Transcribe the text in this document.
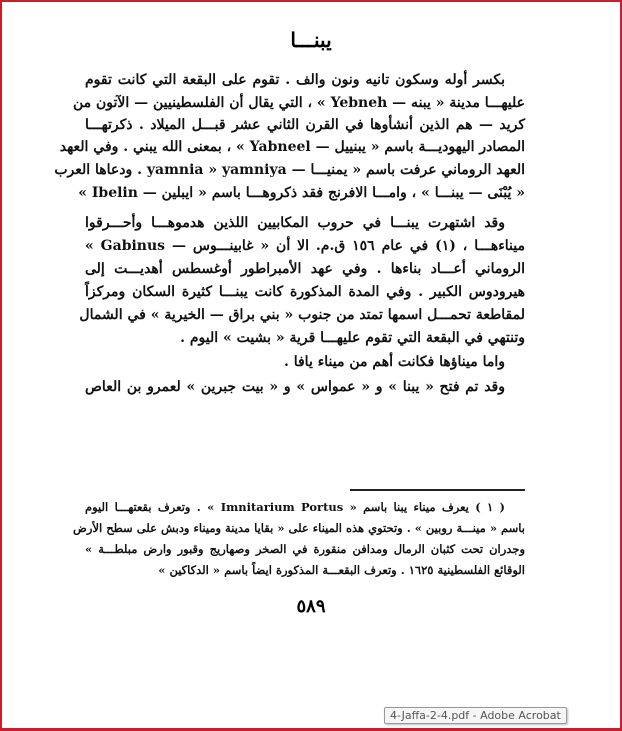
يبنـــا
بكسر أوله وسكون تانيه ونون والف . تقوم على البقعة التي كانت تقوم
عليهـــا مدينة « يبنه — Yebneh » ، التي يقال أن الفلسطينيين — الآتون من
كريد — هم الذين أنشأوها في القرن الثاني عشر قبـــل الميلاد . ذكرتهـــا
المصادر اليهوديـــة باسم « يبنييل — Yabneel » ، بمعنى الله يبني . وفي العهد
العهد الروماني عرفت باسم « يمنيـــا — yamnia » yamniya . ودعاها العرب
« يُبْنَى — يبنـــا » ، وامـــا الافرنج فقد ذكروهـــا باسم « ايبلين — Ibelin »
وقد اشتهرت يبنـــا في حروب المكابيين اللذين هدموهـــا وأحـــرقوا
ميناءهـــا ، (١) في عام ١٥٦ ق.م. الا أن « غابينـــوس — Gabinus »
الروماني أعـــاد بناءها . وفي عهد الأمبراطور أوغسطس أهديـــت إلى
هيرودوس الكبير . وفي المدة المذكورة كانت يبنـــا كثيرة السكان ومركزاً
لمقاطعة تحمـــل اسمها تمتد من جنوب « بني براق — الخيرية » في الشمال
وتنتهي في البقعة التي تقوم عليهـــا قرية « بشيت » اليوم .
واما ميناؤها فكانت أهم من ميناء يافا .
وقد تم فتح « يبنا » و « عمواس » و « بيت جبرين » لعمرو بن العاص
( ١ ) يعرف ميناء يبنا باسم « Imnitarium Portus » . وتعرف بقعتهـــا اليوم
باسم « مينـــة روبين » . وتحتوي هذه الميناء على « بقايا مدينة وميناء ودبش على سطح الأرض
وجدران تحت كثبان الرمال ومدافن منقورة في الصخر وصهاريج وقبور وارض مبلطـــة »
الوقائع الفلسطينية ١٦٢٥ . وتعرف البقعـــة المذكورة ايضاً باسم « الدكاكين »
٥٨٩
4-Jaffa-2-4.pdf - Adobe Acrobat
